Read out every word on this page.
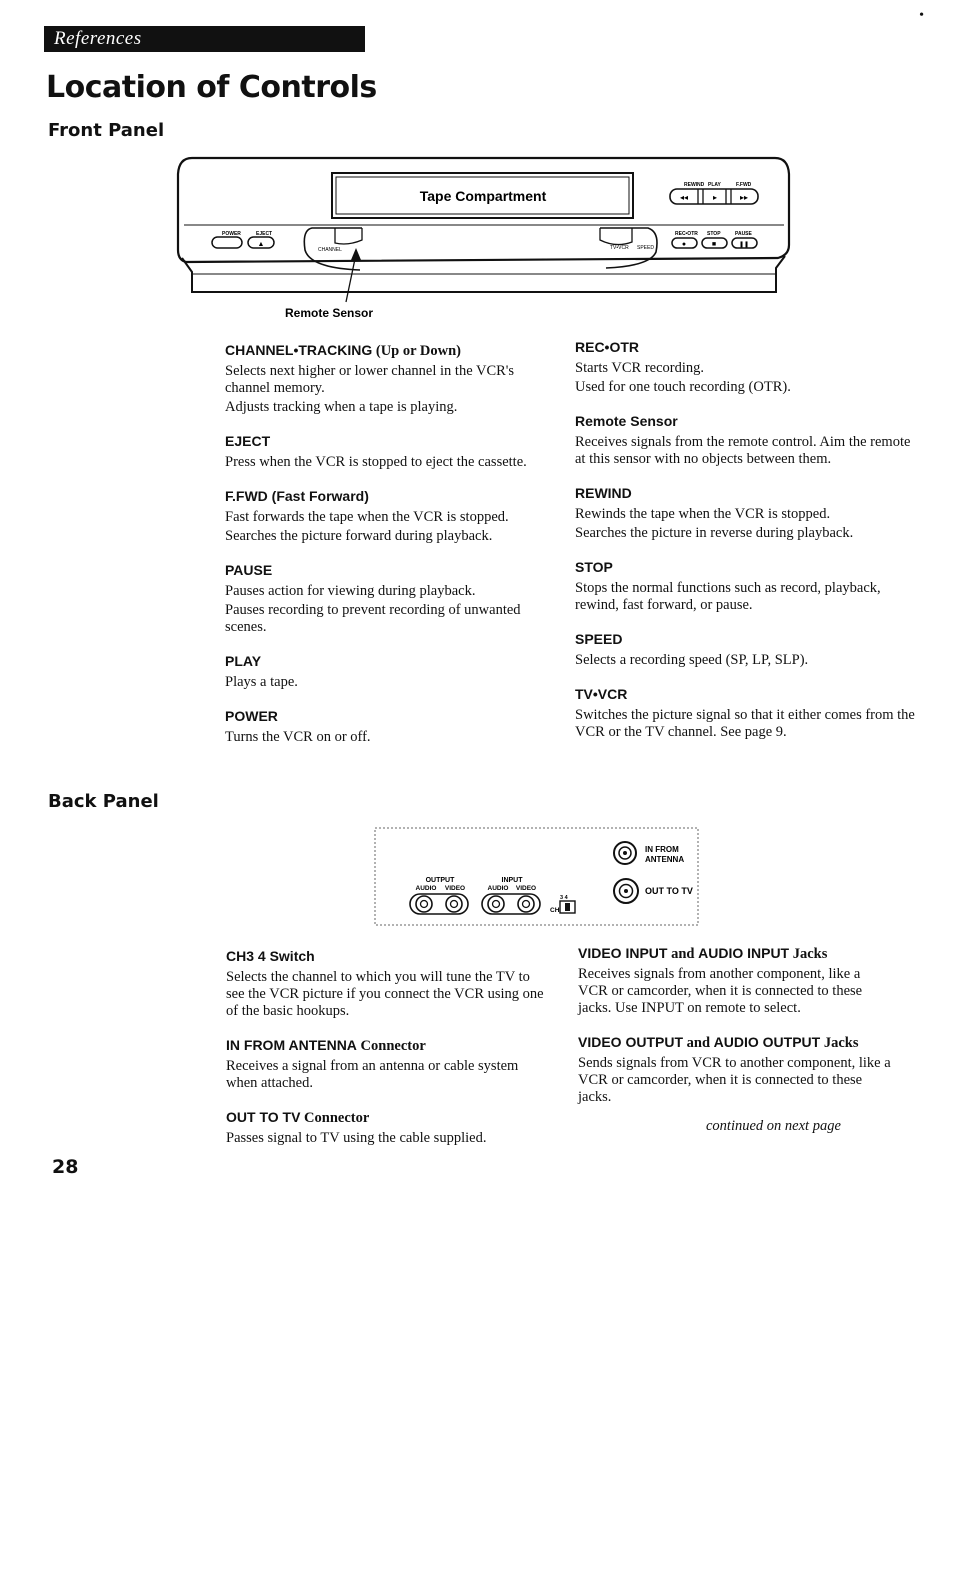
References
•
Location of Controls
Front Panel
Tape Compartment
CHANNEL	TV•VCR SPEED
POWER	EJECT
▲
REWIND PLAY	F.FWD
◂◂	▸	▸▸
REC•OTR STOP	PAUSE
●	■	❚❚
Remote Sensor
CHANNEL•TRACKING (Up or Down)
Selects next higher or lower channel in the VCR's channel memory.
Adjusts tracking when a tape is playing.
EJECT
Press when the VCR is stopped to eject the cassette.
F.FWD (Fast Forward)
Fast forwards the tape when the VCR is stopped.
Searches the picture forward during playback.
PAUSE
Pauses action for viewing during playback.
Pauses recording to prevent recording of unwanted scenes.
PLAY
Plays a tape.
POWER
Turns the VCR on or off.
REC•OTR
Starts VCR recording.
Used for one touch recording (OTR).
Remote Sensor
Receives signals from the remote control. Aim the remote at this sensor with no objects between them.
REWIND
Rewinds the tape when the VCR is stopped.
Searches the picture in reverse during playback.
STOP
Stops the normal functions such as record, playback, rewind, fast forward, or pause.
SPEED
Selects a recording speed (SP, LP, SLP).
TV•VCR
Switches the picture signal so that it either comes from the VCR or the TV channel. See page 9.
Back Panel
IN FROM
ANTENNA
OUT TO TV
OUTPUT
AUDIO VIDEO
INPUT
AUDIO VIDEO
CH
3 4
CH3 4 Switch
Selects the channel to which you will tune the TV to see the VCR picture if you connect the VCR using one of the basic hookups.
IN FROM ANTENNA Connector
Receives a signal from an antenna or cable system when attached.
OUT TO TV Connector
Passes signal to TV using the cable supplied.
VIDEO INPUT and AUDIO INPUT Jacks
Receives signals from another component, like a VCR or camcorder, when it is connected to these jacks. Use INPUT on remote to select.
VIDEO OUTPUT and AUDIO OUTPUT Jacks
Sends signals from VCR to another component, like a VCR or camcorder, when it is connected to these jacks.
continued on next page
28
